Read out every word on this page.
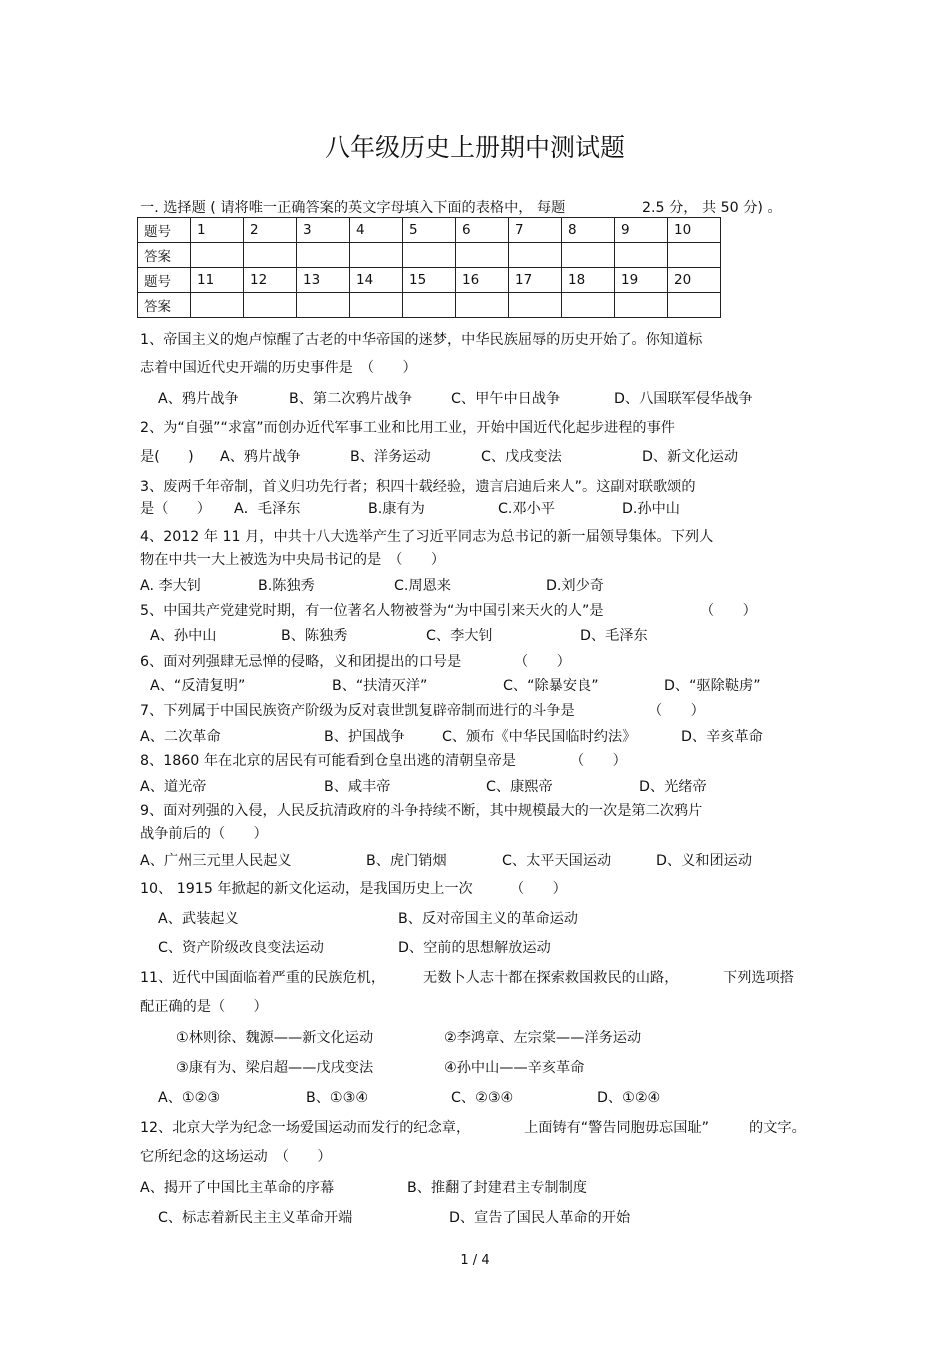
八年级历史上册期中测试题
一. 选择题 ( 请将唯一正确答案的英文字母填入下面的表格中， 每题	2.5 分， 共 50 分) 。
题号	1	2	3	4	5	6	7	8	9	10
答案										
题号	11	12	13	14	15	16	17	18	19	20
答案										
1、帝国主义的炮卢惊醒了古老的中华帝国的迷梦，中华民族屈辱的历史开始了。你知道标
志着中国近代史开端的历史事件是　（　　）
A、鸦片战争	B、第二次鸦片战争	C、甲午中日战争	D、八国联军侵华战争
2、为“自强”“求富”而创办近代军事工业和比用工业，开始中国近代化起步进程的事件
是(　　) A、鸦片战争	B、洋务运动	C、戊戌变法	D、新文化运动
3、废两千年帝制，首义归功先行者；积四十载经验，遗言启迪后来人”。这副对联歌颂的
是（　　） A．毛泽东	B.康有为	C.邓小平	D.孙中山
4、2012 年 11 月，中共十八大选举产生了习近平同志为总书记的新一届领导集体。下列人
物在中共一大上被选为中央局书记的是　（　　）
A. 李大钊	B.陈独秀	C.周恩来	D.刘少奇
5、中国共产党建党时期，有一位著名人物被誉为“为中国引来天火的人”是	（　　）
A、孙中山	B、陈独秀	C、李大钊	D、毛泽东
6、面对列强肆无忌惮的侵略，义和团提出的口号是	（　　）
A、“反清复明”	B、“扶清灭洋”	C、“除暴安良”	D、“驱除鞑虏”
7、下列属于中国民族资产阶级为反对袁世凯复辟帝制而进行的斗争是	（　　）
A、二次革命	B、护国战争	C、颁布《中华民国临时约法》	D、辛亥革命
8、1860 年在北京的居民有可能看到仓皇出逃的清朝皇帝是	（　　）
A、道光帝	B、咸丰帝	C、康熙帝	D、光绪帝
9、面对列强的入侵，人民反抗清政府的斗争持续不断，其中规模最大的一次是第二次鸦片
战争前后的（　　）
A、广州三元里人民起义	B、虎门销烟	C、太平天国运动	D、义和团运动
10、 1915 年掀起的新文化运动，是我国历史上一次	（　　）
A、武装起义	B、反对帝国主义的革命运动
C、资产阶级改良变法运动	D、空前的思想解放运动
11、近代中国面临着严重的民族危机，	无数卜人志十都在探索救国救民的山路，	下列选项搭
配正确的是（　　）
①林则徐、魏源——新文化运动	②李鸿章、左宗棠——洋务运动
③康有为、梁启超——戊戌变法	④孙中山——辛亥革命
A、①②③	B、①③④	C、②③④	D、①②④
12、北京大学为纪念一场爱国运动而发行的纪念章，	上面铸有“警告同胞毋忘国耻”	的文字。
它所纪念的这场运动　（　　）
A、揭开了中国比主革命的序幕	B、推翻了封建君主专制制度
C、标志着新民主主义革命开端	D、宣告了国民人革命的开始
1 / 4
